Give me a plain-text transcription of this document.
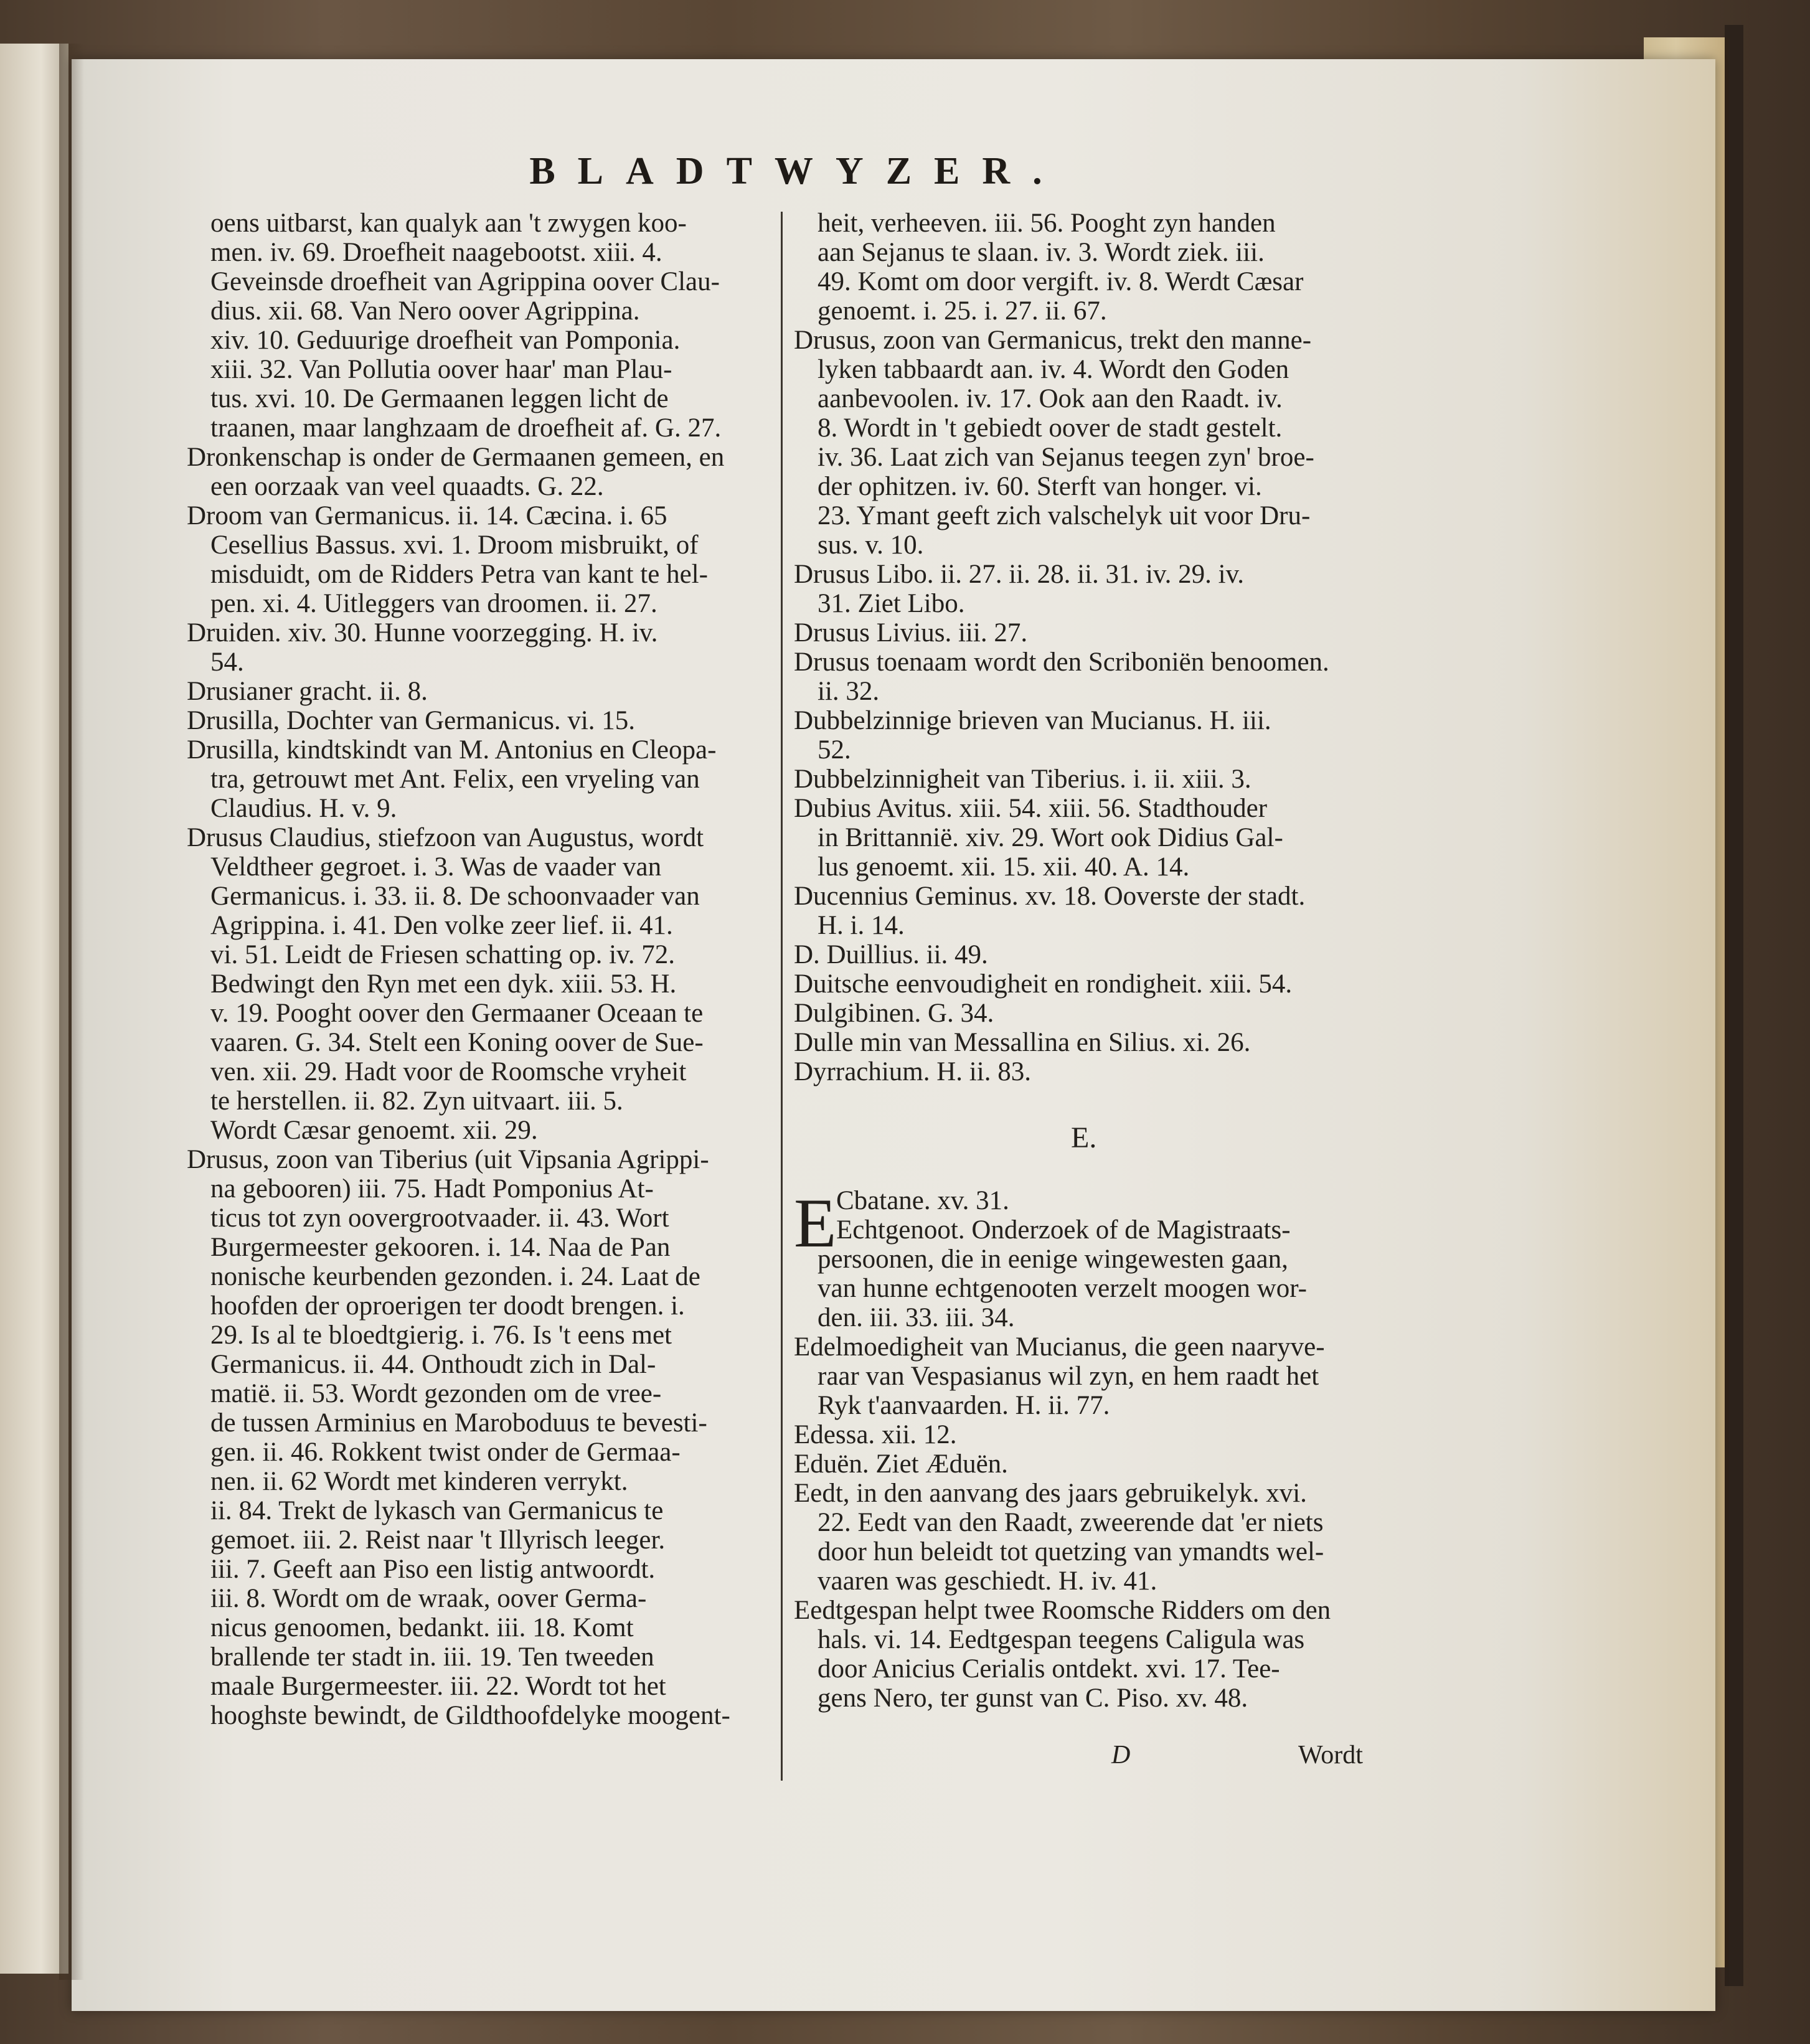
BLADTWYZER.
oens uitbarst, kan qualyk aan 't zwygen koo-
men. iv. 69. Droefheit naagebootst. xiii. 4.
Geveinsde droefheit van Agrippina oover Clau-
dius. xii. 68. Van Nero oover Agrippina.
xiv. 10. Geduurige droefheit van Pomponia.
xiii. 32. Van Pollutia oover haar' man Plau-
tus. xvi. 10. De Germaanen leggen licht de
traanen, maar langhzaam de droefheit af. G. 27.
Dronkenschap is onder de Germaanen gemeen, en
een oorzaak van veel quaadts. G. 22.
Droom van Germanicus. ii. 14. Cæcina. i. 65
Cesellius Bassus. xvi. 1. Droom misbruikt, of
misduidt, om de Ridders Petra van kant te hel-
pen. xi. 4. Uitleggers van droomen. ii. 27.
Druiden. xiv. 30. Hunne voorzegging. H. iv.
54.
Drusianer gracht. ii. 8.
Drusilla, Dochter van Germanicus. vi. 15.
Drusilla, kindtskindt van M. Antonius en Cleopa-
tra, getrouwt met Ant. Felix, een vryeling van
Claudius. H. v. 9.
Drusus Claudius, stiefzoon van Augustus, wordt
Veldtheer gegroet. i. 3. Was de vaader van
Germanicus. i. 33. ii. 8. De schoonvaader van
Agrippina. i. 41. Den volke zeer lief. ii. 41.
vi. 51. Leidt de Friesen schatting op. iv. 72.
Bedwingt den Ryn met een dyk. xiii. 53. H.
v. 19. Pooght oover den Germaaner Oceaan te
vaaren. G. 34. Stelt een Koning oover de Sue-
ven. xii. 29. Hadt voor de Roomsche vryheit
te herstellen. ii. 82. Zyn uitvaart. iii. 5.
Wordt Cæsar genoemt. xii. 29.
Drusus, zoon van Tiberius (uit Vipsania Agrippi-
na gebooren) iii. 75. Hadt Pomponius At-
ticus tot zyn oovergrootvaader. ii. 43. Wort
Burgermeester gekooren. i. 14. Naa de Pan
nonische keurbenden gezonden. i. 24. Laat de
hoofden der oproerigen ter doodt brengen. i.
29. Is al te bloedtgierig. i. 76. Is 't eens met
Germanicus. ii. 44. Onthoudt zich in Dal-
matië. ii. 53. Wordt gezonden om de vree-
de tussen Arminius en Maroboduus te bevesti-
gen. ii. 46. Rokkent twist onder de Germaa-
nen. ii. 62 Wordt met kinderen verrykt.
ii. 84. Trekt de lykasch van Germanicus te
gemoet. iii. 2. Reist naar 't Illyrisch leeger.
iii. 7. Geeft aan Piso een listig antwoordt.
iii. 8. Wordt om de wraak, oover Germa-
nicus genoomen, bedankt. iii. 18. Komt
brallende ter stadt in. iii. 19. Ten tweeden
maale Burgermeester. iii. 22. Wordt tot het
hooghste bewindt, de Gildthoofdelyke moogent-
heit, verheeven. iii. 56. Pooght zyn handen
aan Sejanus te slaan. iv. 3. Wordt ziek. iii.
49. Komt om door vergift. iv. 8. Werdt Cæsar
genoemt. i. 25. i. 27. ii. 67.
Drusus, zoon van Germanicus, trekt den manne-
lyken tabbaardt aan. iv. 4. Wordt den Goden
aanbevoolen. iv. 17. Ook aan den Raadt. iv.
8. Wordt in 't gebiedt oover de stadt gestelt.
iv. 36. Laat zich van Sejanus teegen zyn' broe-
der ophitzen. iv. 60. Sterft van honger. vi.
23. Ymant geeft zich valschelyk uit voor Dru-
sus. v. 10.
Drusus Libo. ii. 27. ii. 28. ii. 31. iv. 29. iv.
31. Ziet Libo.
Drusus Livius. iii. 27.
Drusus toenaam wordt den Scriboniën benoomen.
ii. 32.
Dubbelzinnige brieven van Mucianus. H. iii.
52.
Dubbelzinnigheit van Tiberius. i. ii. xiii. 3.
Dubius Avitus. xiii. 54. xiii. 56. Stadthouder
in Brittannië. xiv. 29. Wort ook Didius Gal-
lus genoemt. xii. 15. xii. 40. A. 14.
Ducennius Geminus. xv. 18. Ooverste der stadt.
H. i. 14.
D. Duillius. ii. 49.
Duitsche eenvoudigheit en rondigheit. xiii. 54.
Dulgibinen. G. 34.
Dulle min van Messallina en Silius. xi. 26.
Dyrrachium. H. ii. 83.
E.
E Cbatane. xv. 31.
Echtgenoot. Onderzoek of de Magistraats-
persoonen, die in eenige wingewesten gaan,
van hunne echtgenooten verzelt moogen wor-
den. iii. 33. iii. 34.
Edelmoedigheit van Mucianus, die geen naaryve-
raar van Vespasianus wil zyn, en hem raadt het
Ryk t'aanvaarden. H. ii. 77.
Edessa. xii. 12.
Eduën. Ziet Æduën.
Eedt, in den aanvang des jaars gebruikelyk. xvi.
22. Eedt van den Raadt, zweerende dat 'er niets
door hun beleidt tot quetzing van ymandts wel-
vaaren was geschiedt. H. iv. 41.
Eedtgespan helpt twee Roomsche Ridders om den
hals. vi. 14. Eedtgespan teegens Caligula was
door Anicius Cerialis ontdekt. xvi. 17. Tee-
gens Nero, ter gunst van C. Piso. xv. 48.
D	Wordt
